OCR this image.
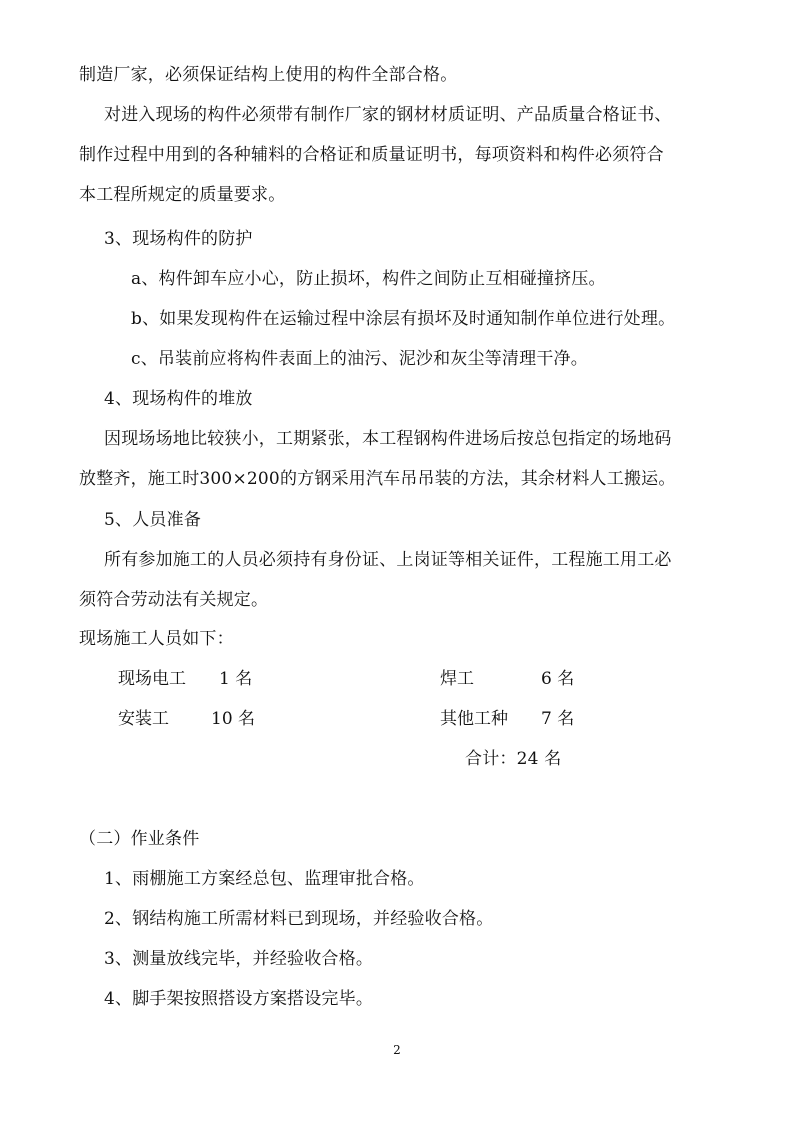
制造厂家，必须保证结构上使用的构件全部合格。
对进入现场的构件必须带有制作厂家的钢材材质证明、产品质量合格证书、
制作过程中用到的各种辅料的合格证和质量证明书，每项资料和构件必须符合
本工程所规定的质量要求。
3、现场构件的防护
a、构件卸车应小心，防止损坏，构件之间防止互相碰撞挤压。
b、如果发现构件在运输过程中涂层有损坏及时通知制作单位进行处理。
c、吊装前应将构件表面上的油污、泥沙和灰尘等清理干净。
4、现场构件的堆放
因现场场地比较狭小，工期紧张，本工程钢构件进场后按总包指定的场地码
放整齐，施工时300×200的方钢采用汽车吊吊装的方法，其余材料人工搬运。
5、人员准备
所有参加施工的人员必须持有身份证、上岗证等相关证件，工程施工用工必
须符合劳动法有关规定。
现场施工人员如下：
现场电工 1 名	焊工	6 名
安装工 10 名	其他工种 7 名
合计：24 名
（二）作业条件
1、雨棚施工方案经总包、监理审批合格。
2、钢结构施工所需材料已到现场，并经验收合格。
3、测量放线完毕，并经验收合格。
4、脚手架按照搭设方案搭设完毕。
2
